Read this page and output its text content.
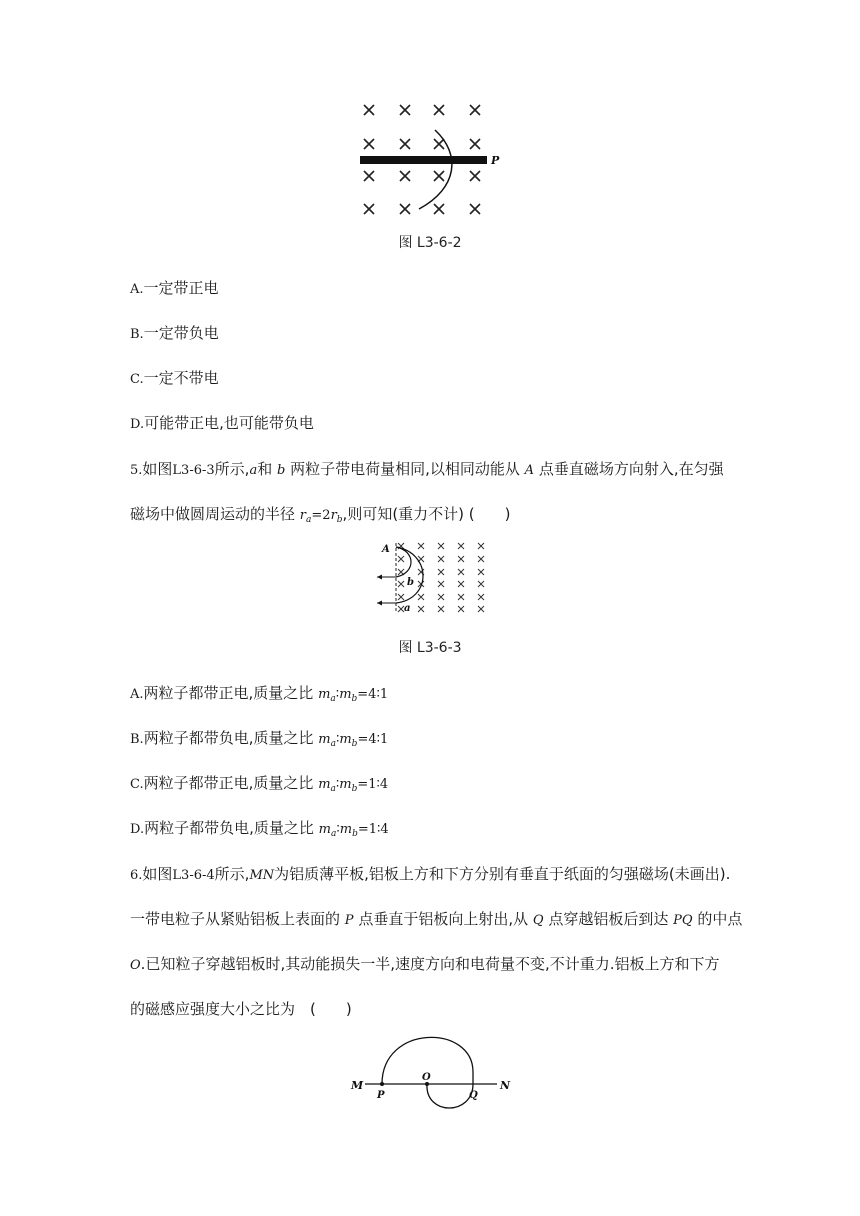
P
图 L3-6-2
A.一定带正电
B.一定带负电
C.一定不带电
D.可能带正电,也可能带负电
5.如图L3-6-3所示,a和 b 两粒子带电荷量相同,以相同动能从 A 点垂直磁场方向射入,在匀强
磁场中做圆周运动的半径 $r_a=2r_b$,则可知(重力不计) (　　)
A
b
a
图 L3-6-3
A.两粒子都带正电,质量之比 $m_a∶m_b=4∶1$
B.两粒子都带负电,质量之比 $m_a∶m_b=4∶1$
C.两粒子都带正电,质量之比 $m_a∶m_b=1∶4$
D.两粒子都带负电,质量之比 $m_a∶m_b=1∶4$
6.如图L3-6-4所示,MN为铝质薄平板,铝板上方和下方分别有垂直于纸面的匀强磁场(未画出).
一带电粒子从紧贴铝板上表面的 P 点垂直于铝板向上射出,从 Q 点穿越铝板后到达 PQ 的中点
O.已知粒子穿越铝板时,其动能损失一半,速度方向和电荷量不变,不计重力.铝板上方和下方
的磁感应强度大小之比为　(　　)
M	N
O
P	Q
